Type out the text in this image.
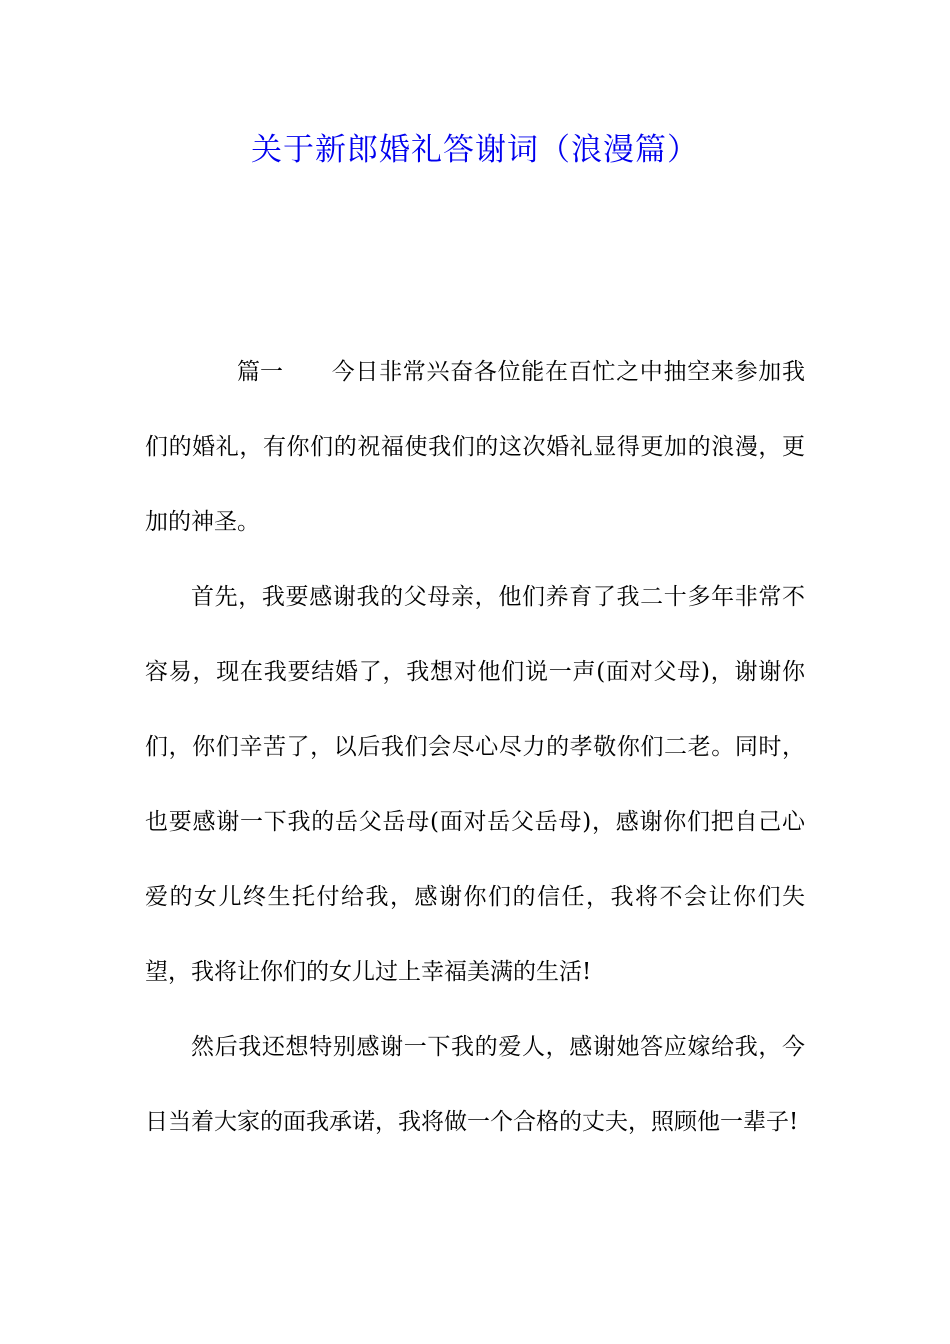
关于新郎婚礼答谢词（浪漫篇）

篇一 今日非常兴奋各位能在百忙之中抽空来参加我们的婚礼，有你们的祝福使我们的这次婚礼显得更加的浪漫，更加的神圣。

首先，我要感谢我的父母亲，他们养育了我二十多年非常不容易，现在我要结婚了，我想对他们说一声(面对父母)，谢谢你们，你们辛苦了，以后我们会尽心尽力的孝敬你们二老。同时，也要感谢一下我的岳父岳母(面对岳父岳母)，感谢你们把自己心爱的女儿终生托付给我，感谢你们的信任，我将不会让你们失望，我将让你们的女儿过上幸福美满的生活!

然后我还想特别感谢一下我的爱人，感谢她答应嫁给我，今日当着大家的面我承诺，我将做一个合格的丈夫，照顾他一辈子!
